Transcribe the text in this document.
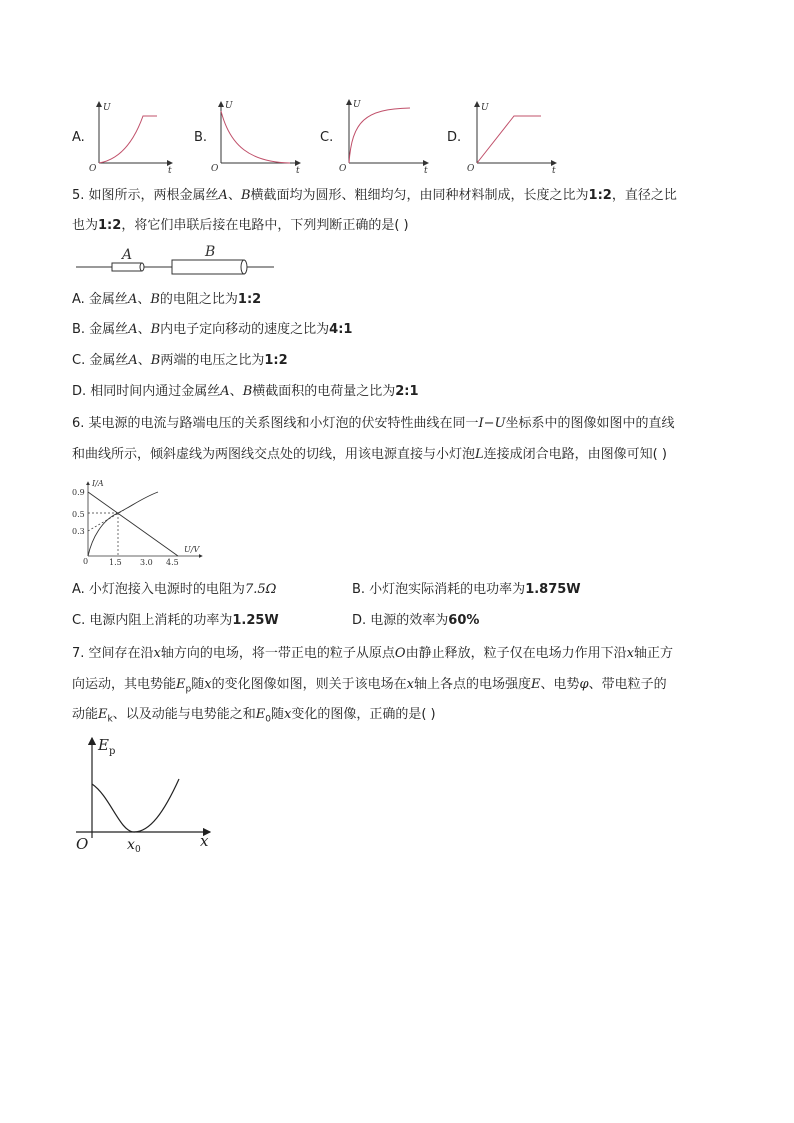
A.	B.	C.	D.
U
t
O
U
t
O
U
t
O
U
t
O
5. 如图所示，两根金属丝A、B横截面均为圆形、粗细均匀，由同种材料制成，长度之比为1:2，直径之比
也为1:2，将它们串联后接在电路中，下列判断正确的是( )
A	B
A. 金属丝A、B的电阻之比为1:2
B. 金属丝A、B内电子定向移动的速度之比为4:1
C. 金属丝A、B两端的电压之比为1:2
D. 相同时间内通过金属丝A、B横截面积的电荷量之比为2:1
6. 某电源的电流与路端电压的关系图线和小灯泡的伏安特性曲线在同一I−U坐标系中的图像如图中的直线
和曲线所示，倾斜虚线为两图线交点处的切线，用该电源直接与小灯泡L连接成闭合电路，由图像可知( )
I/A
U/V
0
0.9
0.5
0.3
1.5 3.0 4.5
A. 小灯泡接入电源时的电阻为7.5Ω	B. 小灯泡实际消耗的电功率为1.875W
C. 电源内阻上消耗的功率为1.25W	D. 电源的效率为60%
7. 空间存在沿x轴方向的电场，将一带正电的粒子从原点O由静止释放，粒子仅在电场力作用下沿x轴正方
向运动，其电势能$E_p$随x的变化图像如图，则关于该电场在x轴上各点的电场强度E、电势φ、带电粒子的
动能$E_k$、以及动能与电势能之和$E_0$随x变化的图像，正确的是( )
E p
O	x 0	x
